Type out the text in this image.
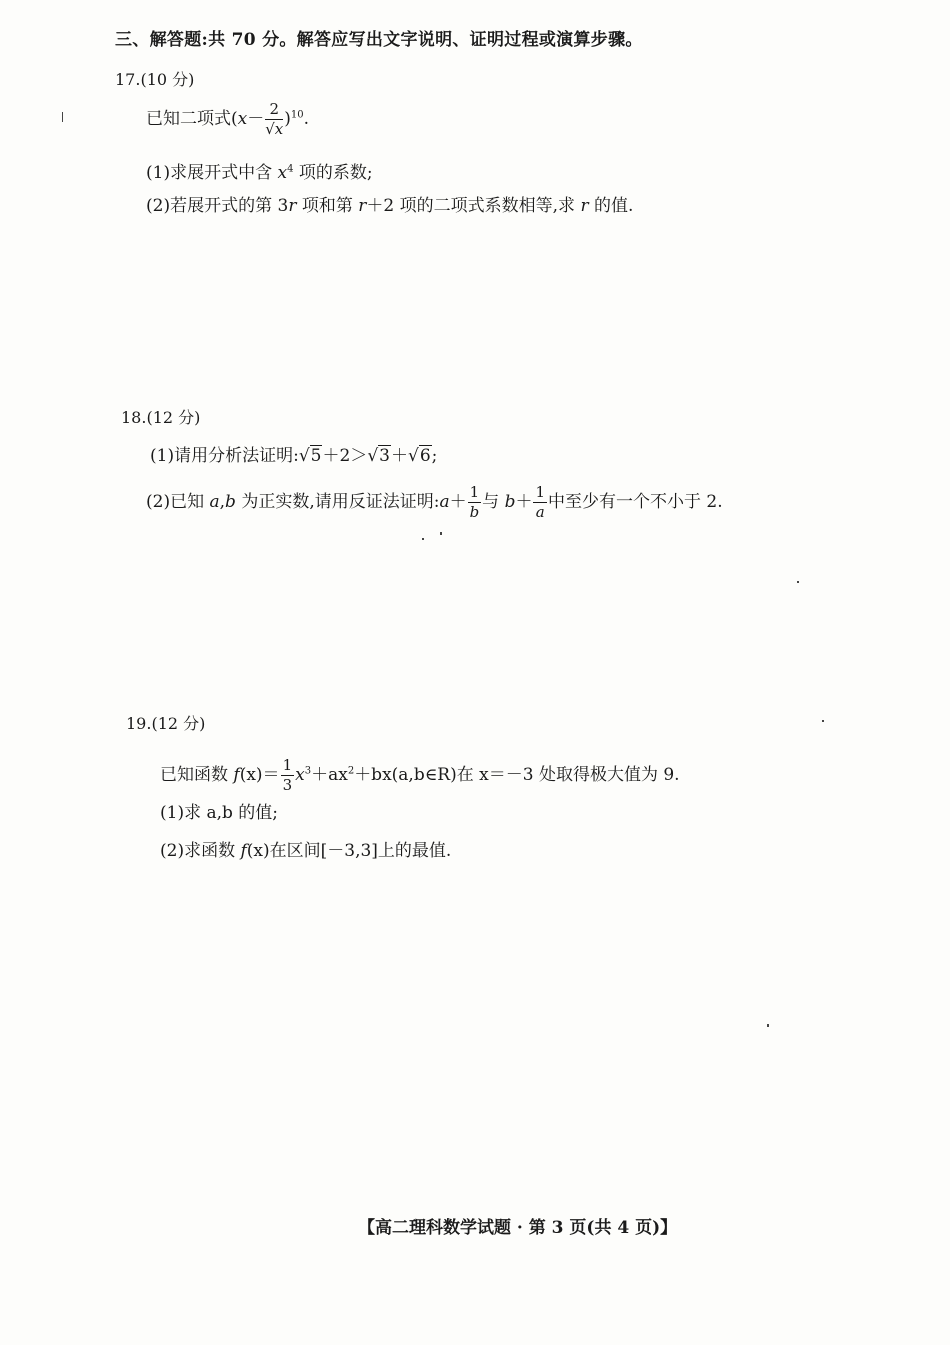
三、解答题:共 70 分。解答应写出文字说明、证明过程或演算步骤。
17.(10 分)
已知二项式$(x- \frac{2}{√x} )^{10}$.
(1)求展开式中含 $x^4$ 项的系数;
(2)若展开式的第 3r 项和第 r＋2 项的二项式系数相等,求 r 的值.
18.(12 分)
(1)请用分析法证明:√5＋2＞√3＋√6;
(2)已知 a,b 为正实数,请用反证法证明:a＋ $\frac{1}{b}$ 与 $b+ \frac{1}{a}$ 中至少有一个不小于 2.
19.(12 分)
已知函数 $f(x)= \frac{1}{3}$ $x^3+ax^2+bx(a,b\in R)$在 x＝－3 处取得极大值为 9.
(1)求 a,b 的值;
(2)求函数 f(x)在区间[－3,3]上的最值.
【高二理科数学试题 · 第 3 页(共 4 页)】
